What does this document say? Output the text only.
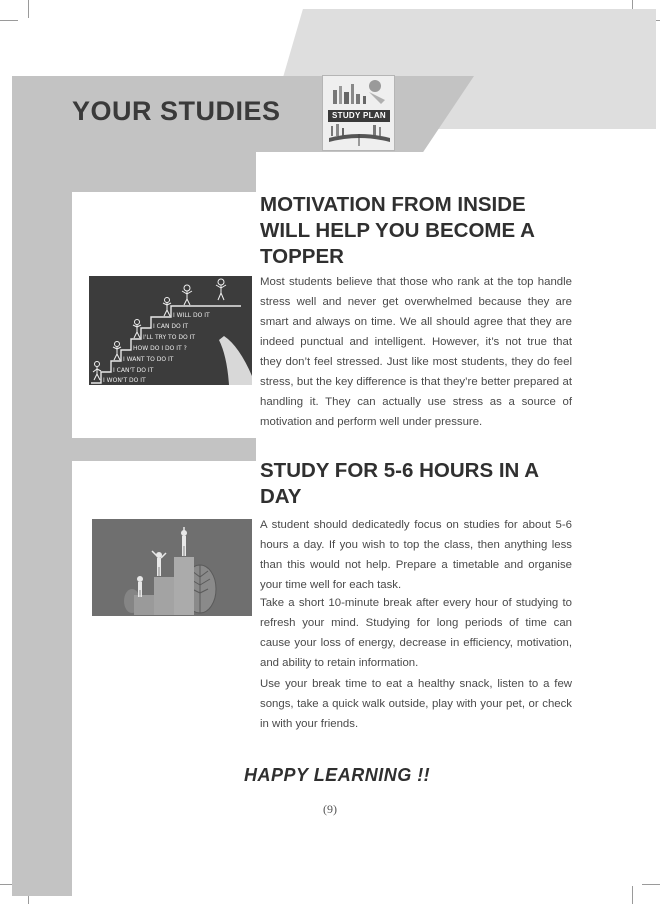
YOUR STUDIES	STUDY PLAN
MOTIVATION FROM INSIDE WILL HELP YOU BECOME A TOPPER
I WON'T DO IT
I CAN'T DO IT
I WANT TO DO IT
HOW DO I DO IT ?
I'LL TRY TO DO IT
I CAN DO IT
I WILL DO IT

Most students believe that those who rank at the top handle stress well and never get overwhelmed because they are smart and always on time. We all should agree that they are indeed punctual and intelligent. However, it’s not true that they don’t feel stressed. Just like most students, they do feel stress, but the key difference is that they’re better prepared at handling it. They can actually use stress as a source of motivation and perform well under pressure.

STUDY FOR 5-6 HOURS IN A DAY

A student should dedicatedly focus on studies for about 5-6 hours a day. If you wish to top the class, then anything less than this would not help. Prepare a timetable and organise your time well for each task.

Take a short 10-minute break after every hour of studying to refresh your mind. Studying for long periods of time can cause your loss of energy, decrease in efficiency, motivation, and ability to retain information.

Use your break time to eat a healthy snack, listen to a few songs, take a quick walk outside, play with your pet, or check in with your friends.

HAPPY LEARNING !!

(9)
